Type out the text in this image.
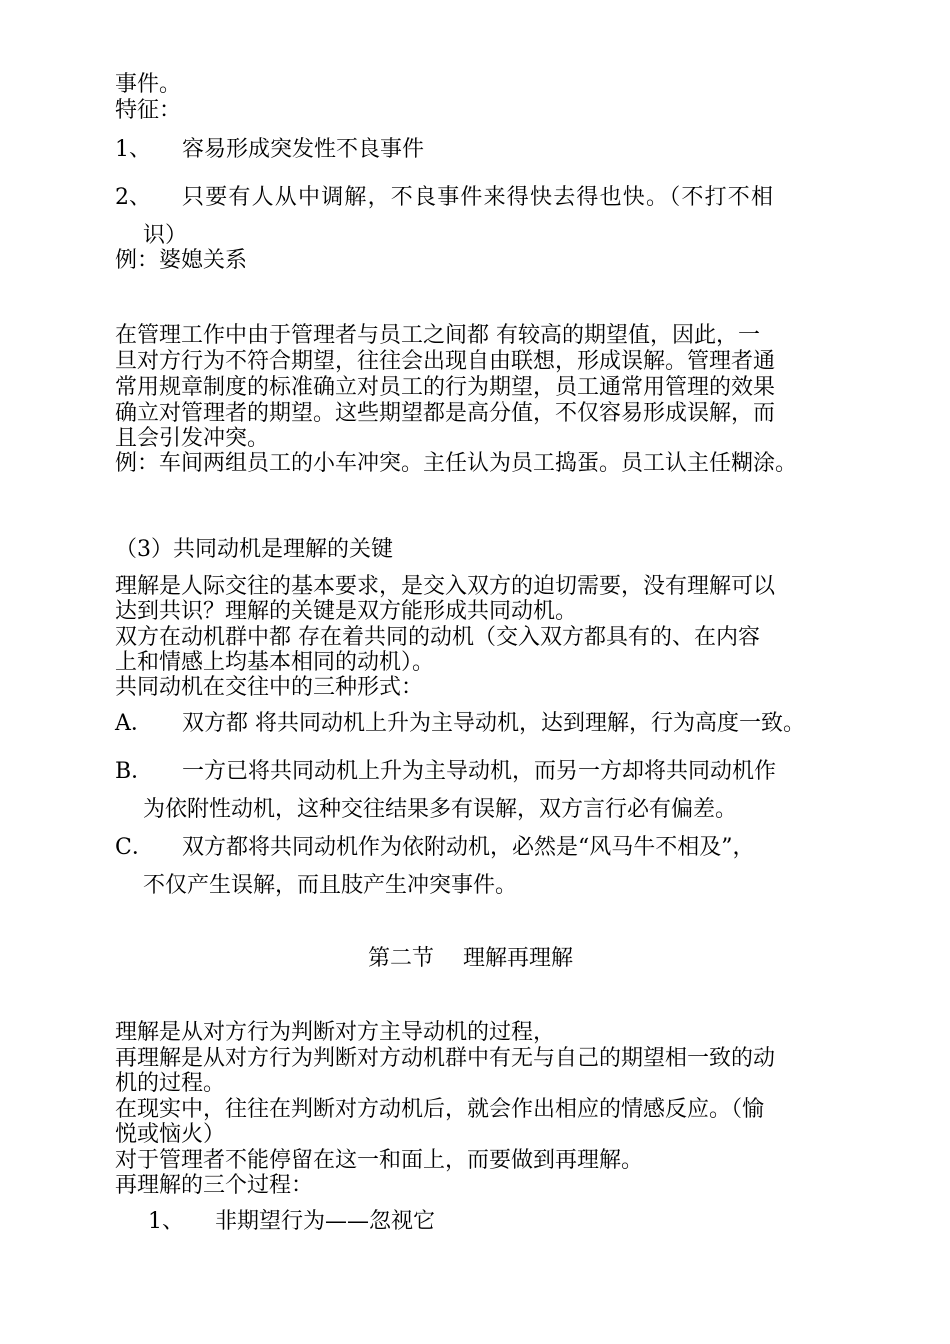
事件。
特征：
1、 容易形成突发性不良事件
2、 只要有人从中调解，不良事件来得快去得也快。（不打不相
识）
例：婆媳关系
在管理工作中由于管理者与员工之间都 有较高的期望值，因此，一
旦对方行为不符合期望，往往会出现自由联想，形成误解。管理者通
常用规章制度的标准确立对员工的行为期望，员工通常用管理的效果
确立对管理者的期望。这些期望都是高分值，不仅容易形成误解，而
且会引发冲突。
例：车间两组员工的小车冲突。主任认为员工捣蛋。员工认主任糊涂。
（3）共同动机是理解的关键
理解是人际交往的基本要求，是交入双方的迫切需要，没有理解可以
达到共识？理解的关键是双方能形成共同动机。
双方在动机群中都 存在着共同的动机（交入双方都具有的、在内容
上和情感上均基本相同的动机）。
共同动机在交往中的三种形式：
A． 双方都 将共同动机上升为主导动机，达到理解，行为高度一致。
B． 一方已将共同动机上升为主导动机，而另一方却将共同动机作
为依附性动机，这种交往结果多有误解，双方言行必有偏差。
C． 双方都将共同动机作为依附动机，必然是“风马牛不相及”，
不仅产生误解，而且肢产生冲突事件。
第二节　 理解再理解
理解是从对方行为判断对方主导动机的过程，
再理解是从对方行为判断对方动机群中有无与自己的期望相一致的动
机的过程。
在现实中，往往在判断对方动机后，就会作出相应的情感反应。（愉
悦或恼火）
对于管理者不能停留在这一和面上，而要做到再理解。
再理解的三个过程：
1、 非期望行为——忽视它
